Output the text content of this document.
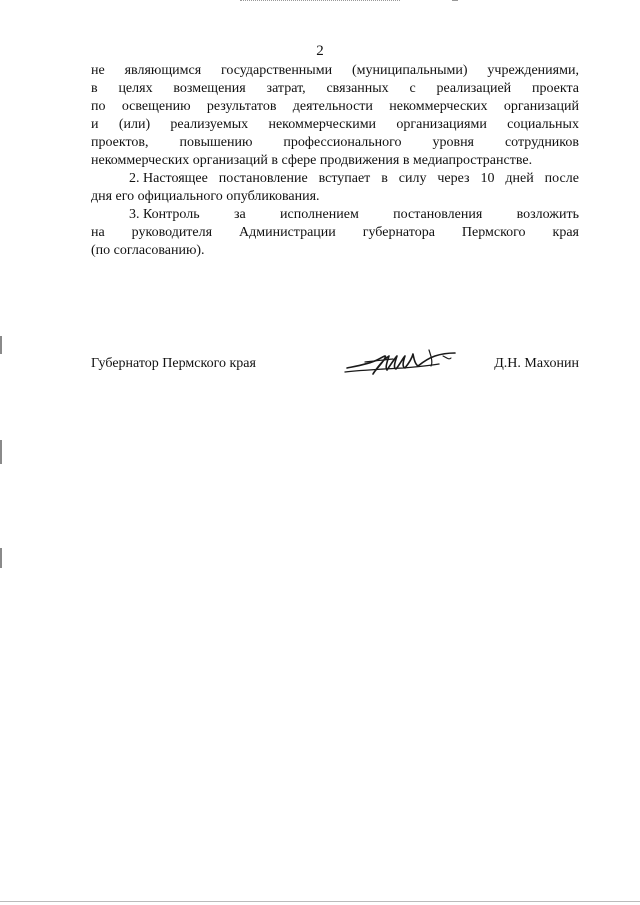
2
не являющимся государственными (муниципальными) учреждениями,
в целях возмещения затрат, связанных с реализацией проекта
по освещению результатов деятельности некоммерческих организаций
и (или) реализуемых некоммерческими организациями социальных
проектов, повышению профессионального уровня сотрудников
некоммерческих организаций в сфере продвижения в медиапространстве.
2. Настоящее постановление вступает в силу через 10 дней после
дня его официального опубликования.
3. Контроль за исполнением постановления возложить
на руководителя Администрации губернатора Пермского края
(по согласованию).
Губернатор Пермского края	Д.Н. Махонин
